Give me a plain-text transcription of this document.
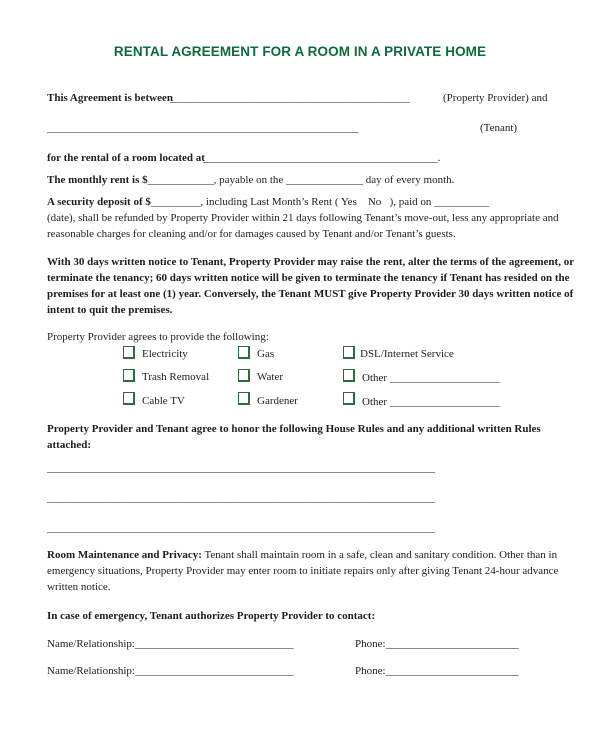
RENTAL AGREEMENT FOR A ROOM IN A PRIVATE HOME
This Agreement is between
_______________________________________________	(Property Provider) and
_____________________________________________________________	(Tenant)
for the rental of a room located at
______________________________________________.
The monthly rent is $____________, payable on the ______________ day of every month.
A security deposit of $_________, including Last Month’s Rent ( Yes No ), paid on __________
(date), shall be refunded by Property Provider within 21 days following Tenant’s move-out, less any appropriate and
reasonable charges for cleaning and/or for damages caused by Tenant and/or Tenant’s guests.
With 30 days written notice to Tenant, Property Provider may raise the rent, alter the terms of the agreement, or
terminate the tenancy; 60 days written notice will be given to terminate the tenancy if Tenant has resided on the
premises for at least one (1) year. Conversely, the Tenant MUST give Property Provider 30 days written notice of
intent to quit the premises.
Property Provider agrees to provide the following:
Electricity	Gas	DSL/Internet Service
Trash Removal	Water	Other ____________________
Cable TV	Gardener	Other ____________________
Property Provider and Tenant agree to honor the following House Rules and any additional written Rules
attached:
____________________________________________________________________________
____________________________________________________________________________
____________________________________________________________________________
Room Maintenance and Privacy: Tenant shall maintain room in a safe, clean and sanitary condition. Other than in
emergency situations, Property Provider may enter room to initiate repairs only after giving Tenant 24-hour advance
written notice.
In case of emergency, Tenant authorizes Property Provider to contact:
Name/Relationship:_______________________________	Phone:__________________________
Name/Relationship:_______________________________	Phone:__________________________
